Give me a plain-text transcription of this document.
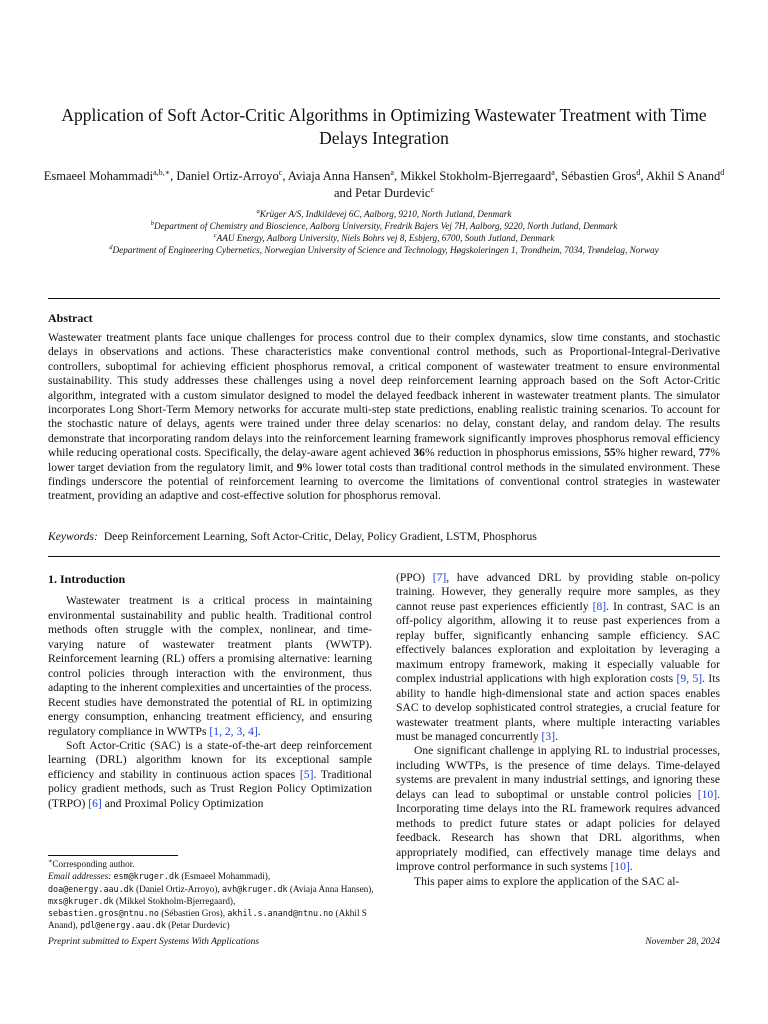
Application of Soft Actor-Critic Algorithms in Optimizing Wastewater Treatment with Time Delays Integration
Esmaeel Mohammadi$^{a,b,∗}$, Daniel Ortiz-Arroyo$^c$, Aviaja Anna Hansen$^a$, Mikkel Stokholm-Bjerregaard$^a$, Sébastien Gros$^d$, Akhil S Anand$^d$ and Petar Durdevic$^c$
$^a$Krüger A/S, Indkildevej 6C, Aalborg, 9210, North Jutland, Denmark
$^b$Department of Chemistry and Bioscience, Aalborg University, Fredrik Bajers Vej 7H, Aalborg, 9220, North Jutland, Denmark
$^c$AAU Energy, Aalborg University, Niels Bohrs vej 8, Esbjerg, 6700, South Jutland, Denmark
$^d$Department of Engineering Cybernetics, Norwegian University of Science and Technology, Høgskoleringen 1, Trondheim, 7034, Trøndelag, Norway
Abstract
Wastewater treatment plants face unique challenges for process control due to their complex dynamics, slow time constants, and stochastic delays in observations and actions. These characteristics make conventional control methods, such as Proportional-Integral-Derivative controllers, suboptimal for achieving efficient phosphorus removal, a critical component of wastewater treatment to ensure environmental sustainability. This study addresses these challenges using a novel deep reinforcement learning approach based on the Soft Actor-Critic algorithm, integrated with a custom simulator designed to model the delayed feedback inherent in wastewater treatment plants. The simulator incorporates Long Short-Term Memory networks for accurate multi-step state predictions, enabling realistic training scenarios. To account for the stochastic nature of delays, agents were trained under three delay scenarios: no delay, constant delay, and random delay. The results demonstrate that incorporating random delays into the reinforcement learning framework significantly improves phosphorus removal efficiency while reducing operational costs. Specifically, the delay-aware agent achieved 36% reduction in phosphorus emissions, 55% higher reward, 77% lower target deviation from the regulatory limit, and 9% lower total costs than traditional control methods in the simulated environment. These findings underscore the potential of reinforcement learning to overcome the limitations of conventional control strategies in wastewater treatment, providing an adaptive and cost-effective solution for phosphorus removal.
Keywords: Deep Reinforcement Learning, Soft Actor-Critic, Delay, Policy Gradient, LSTM, Phosphorus
1. Introduction

Wastewater treatment is a critical process in maintaining environmental sustainability and public health. Traditional control methods often struggle with the complex, nonlinear, and time-varying nature of wastewater treatment plants (WWTP). Reinforcement learning (RL) offers a promising alternative: learning control policies through interaction with the environment, thus adapting to the inherent complexities and uncertainties of the process. Recent studies have demonstrated the potential of RL in optimizing energy consumption, enhancing treatment efficiency, and ensuring regulatory compliance in WWTPs [1, 2, 3, 4].

Soft Actor-Critic (SAC) is a state-of-the-art deep reinforcement learning (DRL) algorithm known for its exceptional sample efficiency and stability in continuous action spaces [5]. Traditional policy gradient methods, such as Trust Region Policy Optimization (TRPO) [6] and Proximal Policy Optimization

(PPO) [7], have advanced DRL by providing stable on-policy training. However, they generally require more samples, as they cannot reuse past experiences efficiently [8]. In contrast, SAC is an off-policy algorithm, allowing it to reuse past experiences from a replay buffer, significantly enhancing sample efficiency. SAC effectively balances exploration and exploitation by leveraging a maximum entropy framework, making it especially valuable for complex industrial applications with high exploration costs [9, 5]. Its ability to handle high-dimensional state and action spaces enables SAC to develop sophisticated control strategies, a crucial feature for wastewater treatment plants, where multiple interacting variables must be managed concurrently [3].

One significant challenge in applying RL to industrial processes, including WWTPs, is the presence of time delays. Time-delayed systems are prevalent in many industrial settings, and ignoring these delays can lead to suboptimal or unstable control policies [10]. Incorporating time delays into the RL framework requires advanced methods to predict future states or adapt policies for delayed feedback. Research has shown that DRL algorithms, when appropriately modified, can effectively manage time delays and improve control performance in such systems [10].

This paper aims to explore the application of the SAC al-

∗Corresponding author.
Email addresses: esm@kruger.dk (Esmaeel Mohammadi),
doa@energy.aau.dk (Daniel Ortiz-Arroyo), avh@kruger.dk (Aviaja Anna Hansen), mxs@kruger.dk (Mikkel Stokholm-Bjerregaard),
sebastien.gros@ntnu.no (Sébastien Gros), akhil.s.anand@ntnu.no (Akhil S Anand), pdl@energy.aau.dk (Petar Durdevic)
Preprint submitted to Expert Systems With Applications	November 28, 2024
